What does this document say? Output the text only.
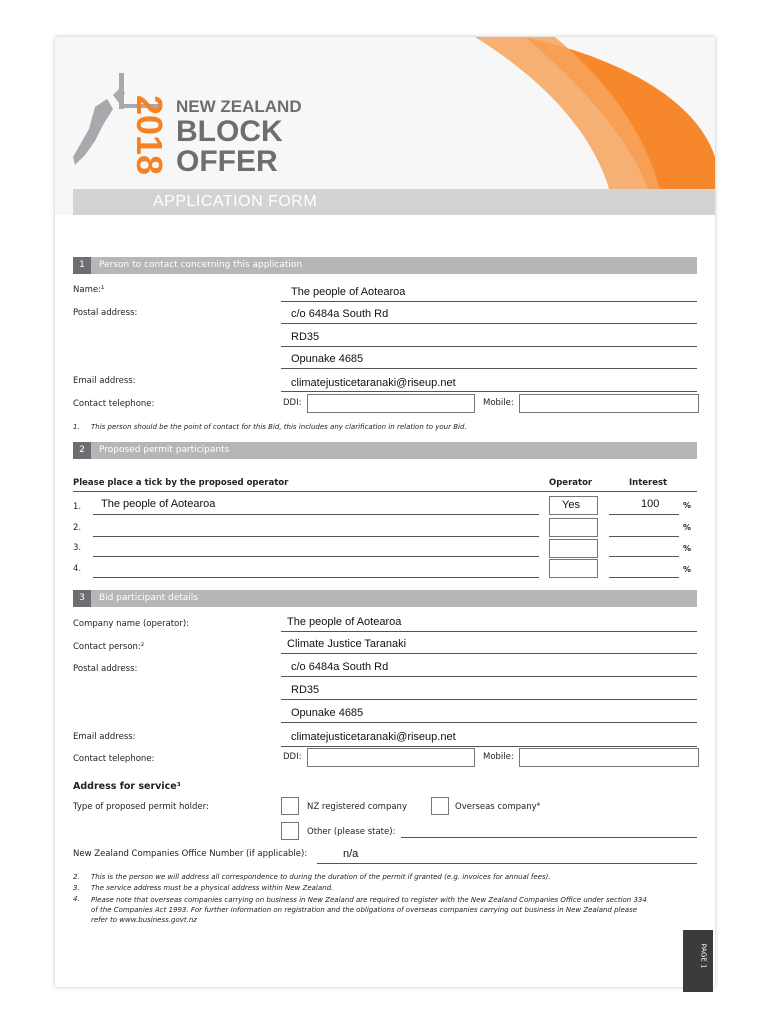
2018 NEW ZEALAND
BLOCK
OFFER
APPLICATION FORM
1	Person to contact concerning this application
Name:¹	The people of Aotearoa
Postal address:	c/o 6484a South Rd
RD35
Opunake 4685
Email address:	climatejusticetaranaki@riseup.net
Contact telephone:	DDI:	Mobile:
1. This person should be the point of contact for this Bid, this includes any clarification in relation to your Bid.
2	Proposed permit participants
Please place a tick by the proposed operator	Operator	Interest
1. The people of Aotearoa	Yes	100	%
2.	%
3.	%
4.	%
3	Bid participant details
Company name (operator):	The people of Aotearoa
Contact person:²	Climate Justice Taranaki
Postal address:	c/o 6484a South Rd
RD35
Opunake 4685
Email address:	climatejusticetaranaki@riseup.net
Contact telephone:	DDI:	Mobile:
Address for service³
Type of proposed permit holder:	NZ registered company	Overseas company⁴
Other (please state):
New Zealand Companies Office Number (if applicable):	n/a
2. This is the person we will address all correspondence to during the duration of the permit if granted (e.g. invoices for annual fees).
3. The service address must be a physical address within New Zealand.
4. Please note that overseas companies carrying on business in New Zealand are required to register with the New Zealand Companies Office under section 334 of the Companies Act 1993. For further information on registration and the obligations of overseas companies carrying out business in New Zealand please refer to www.business.govt.nz
PAGE 1
